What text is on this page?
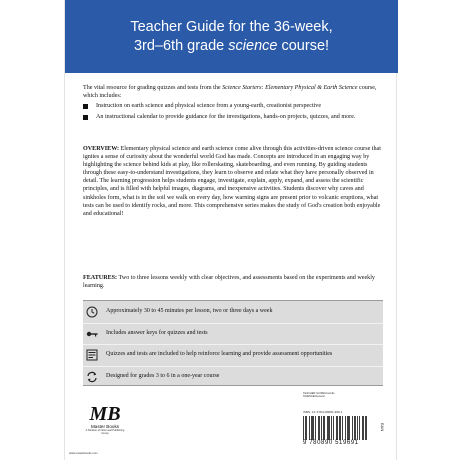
Teacher Guide for the 36-week,
3rd–6th grade science course!
The vital resource for grading quizzes and tests from the Science Starters: Elementary Physical & Earth Science course, which includes:
Instruction on earth science and physical science from a young-earth, creationist perspective
An instructional calendar to provide guidance for the investigations, hands-on projects, quizzes, and more.
OVERVIEW: Elementary physical science and earth science come alive through this activities-driven science course that ignites a sense of curiosity about the wonderful world God has made. Concepts are introduced in an engaging way by highlighting the science behind kids at play, like rollerskating, skateboarding, and even running. By guiding students through these easy-to-understand investigations, they learn to observe and relate what they have personally observed in detail. The learning progression helps students engage, investigate, explain, apply, expand, and assess the scientific principles, and is filled with helpful images, diagrams, and inexpensive activities. Students discover why caves and sinkholes form, what is in the soil we walk on every day, how warning signs are present prior to volcanic eruptions, what tests can be used to identify rocks, and more. This comprehensive series makes the study of God's creation both enjoyable and educational!
FEATURES: Two to three lessons weekly with clear objectives, and assessments based on the experiments and weekly learning.
Approximately 30 to 45 minutes per lesson, two or three days a week
Includes answer keys for quizzes and tests
Quizzes and tests are included to help reinforce learning and provide assessment opportunities
Designed for grades 3 to 6 in a one-year course
MB
Master Books
A Division of New Leaf Publishing Group
www.masterbooks.com
TEACHER GUIDE/Juvenile
SCIENCE/General
ISBN: 13: 978-0-89051-969-1
9 780890 519691
EAN
